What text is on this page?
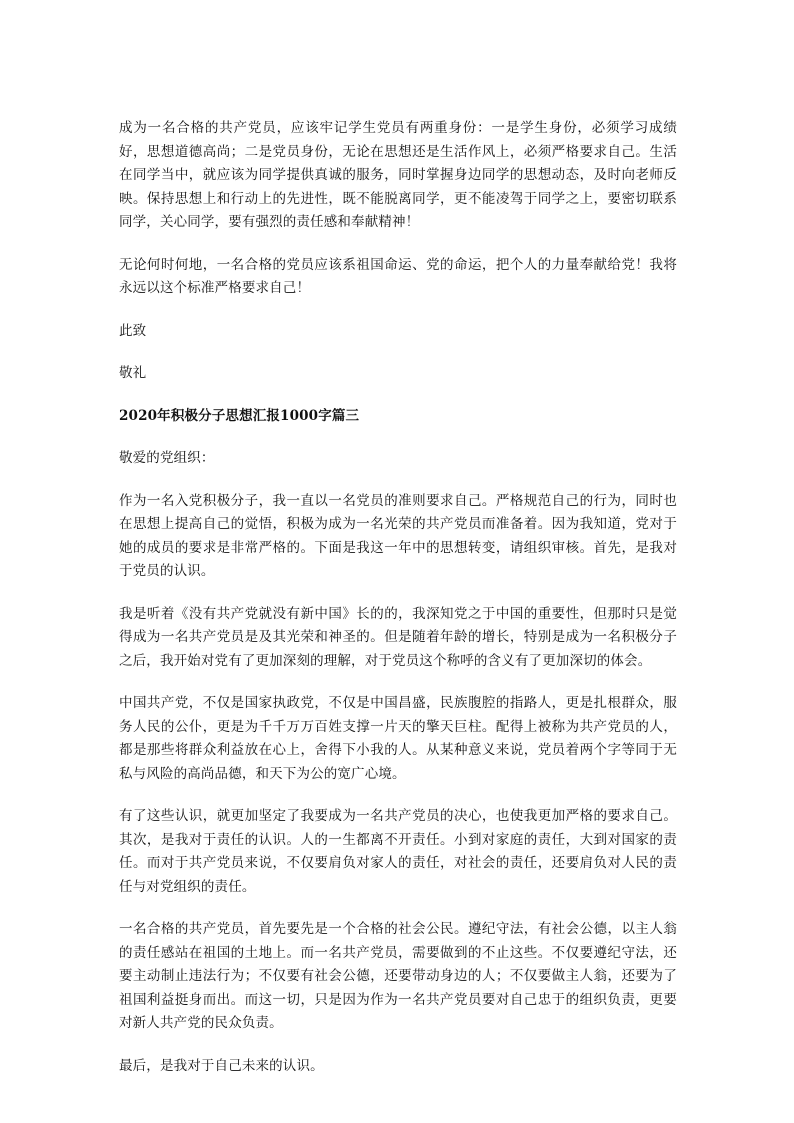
成为一名合格的共产党员，应该牢记学生党员有两重身份：一是学生身份，必须学习成绩好，思想道德高尚；二是党员身份，无论在思想还是生活作风上，必须严格要求自己。生活在同学当中，就应该为同学提供真诚的服务，同时掌握身边同学的思想动态，及时向老师反映。保持思想上和行动上的先进性，既不能脱离同学，更不能凌驾于同学之上，要密切联系同学，关心同学，要有强烈的责任感和奉献精神！

无论何时何地，一名合格的党员应该系祖国命运、党的命运，把个人的力量奉献给党！我将永远以这个标准严格要求自己！

此致

敬礼

2020年积极分子思想汇报1000字篇三

敬爱的党组织：

作为一名入党积极分子，我一直以一名党员的准则要求自己。严格规范自己的行为，同时也在思想上提高自己的觉悟，积极为成为一名光荣的共产党员而准备着。因为我知道，党对于她的成员的要求是非常严格的。下面是我这一年中的思想转变，请组织审核。首先，是我对于党员的认识。

我是听着《没有共产党就没有新中国》长的的，我深知党之于中国的重要性，但那时只是觉得成为一名共产党员是及其光荣和神圣的。但是随着年龄的增长，特别是成为一名积极分子之后，我开始对党有了更加深刻的理解，对于党员这个称呼的含义有了更加深切的体会。

中国共产党，不仅是国家执政党，不仅是中国昌盛，民族腹腔的指路人，更是扎根群众，服务人民的公仆，更是为千千万万百姓支撑一片天的擎天巨柱。配得上被称为共产党员的人，都是那些将群众利益放在心上，舍得下小我的人。从某种意义来说，党员着两个字等同于无私与风险的高尚品德，和天下为公的宽广心境。

有了这些认识，就更加坚定了我要成为一名共产党员的决心，也使我更加严格的要求自己。其次，是我对于责任的认识。人的一生都离不开责任。小到对家庭的责任，大到对国家的责任。而对于共产党员来说，不仅要肩负对家人的责任，对社会的责任，还要肩负对人民的责任与对党组织的责任。

一名合格的共产党员，首先要先是一个合格的社会公民。遵纪守法，有社会公德，以主人翁的责任感站在祖国的土地上。而一名共产党员，需要做到的不止这些。不仅要遵纪守法，还要主动制止违法行为；不仅要有社会公德，还要带动身边的人；不仅要做主人翁，还要为了祖国利益挺身而出。而这一切，只是因为作为一名共产党员要对自己忠于的组织负责，更要对新人共产党的民众负责。

最后，是我对于自己未来的认识。
